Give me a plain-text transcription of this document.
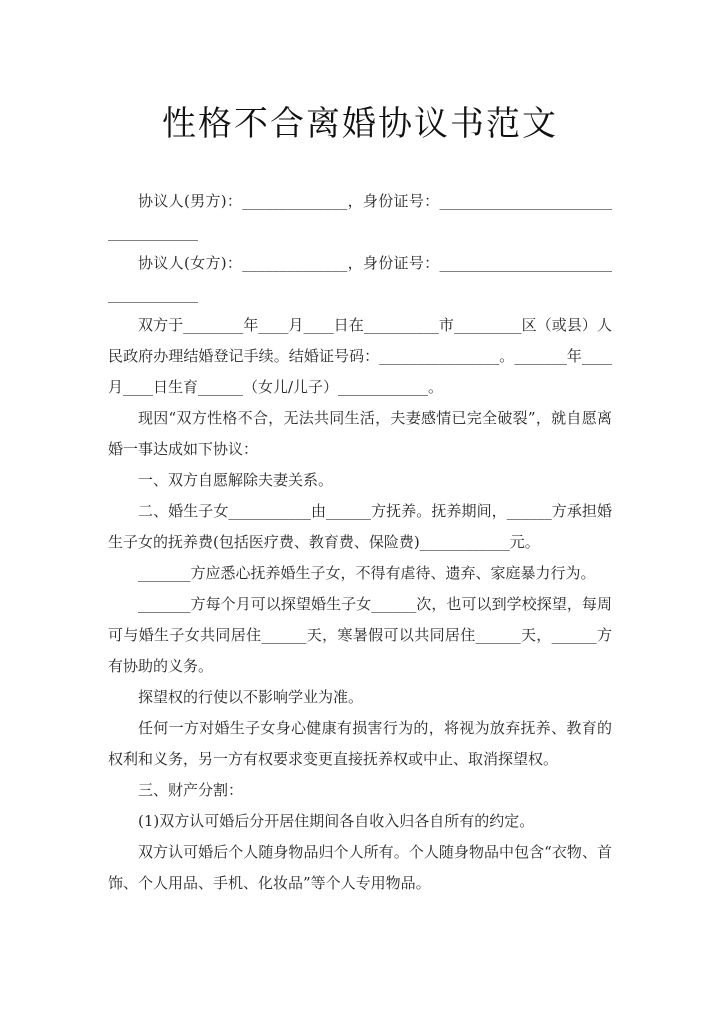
性格不合离婚协议书范文

协议人(男方)：______________，身份证号：___________________________________

协议人(女方)：______________，身份证号：___________________________________

双方于________年____月____日在__________市_________区（或县）人民政府办理结婚登记手续。结婚证号码：________________。_______年____月____日生育______（女儿/儿子）____________。

现因“双方性格不合，无法共同生活，夫妻感情已完全破裂”，就自愿离婚一事达成如下协议：

一、双方自愿解除夫妻关系。

二、婚生子女___________由______方抚养。抚养期间，______方承担婚生子女的抚养费(包括医疗费、教育费、保险费)____________元。

_______方应悉心抚养婚生子女，不得有虐待、遗弃、家庭暴力行为。

_______方每个月可以探望婚生子女______次，也可以到学校探望，每周可与婚生子女共同居住______天，寒暑假可以共同居住______天，______方有协助的义务。

探望权的行使以不影响学业为准。

任何一方对婚生子女身心健康有损害行为的，将视为放弃抚养、教育的权利和义务，另一方有权要求变更直接抚养权或中止、取消探望权。

三、财产分割：

(1)双方认可婚后分开居住期间各自收入归各自所有的约定。

双方认可婚后个人随身物品归个人所有。个人随身物品中包含“衣物、首饰、个人用品、手机、化妆品”等个人专用物品。
